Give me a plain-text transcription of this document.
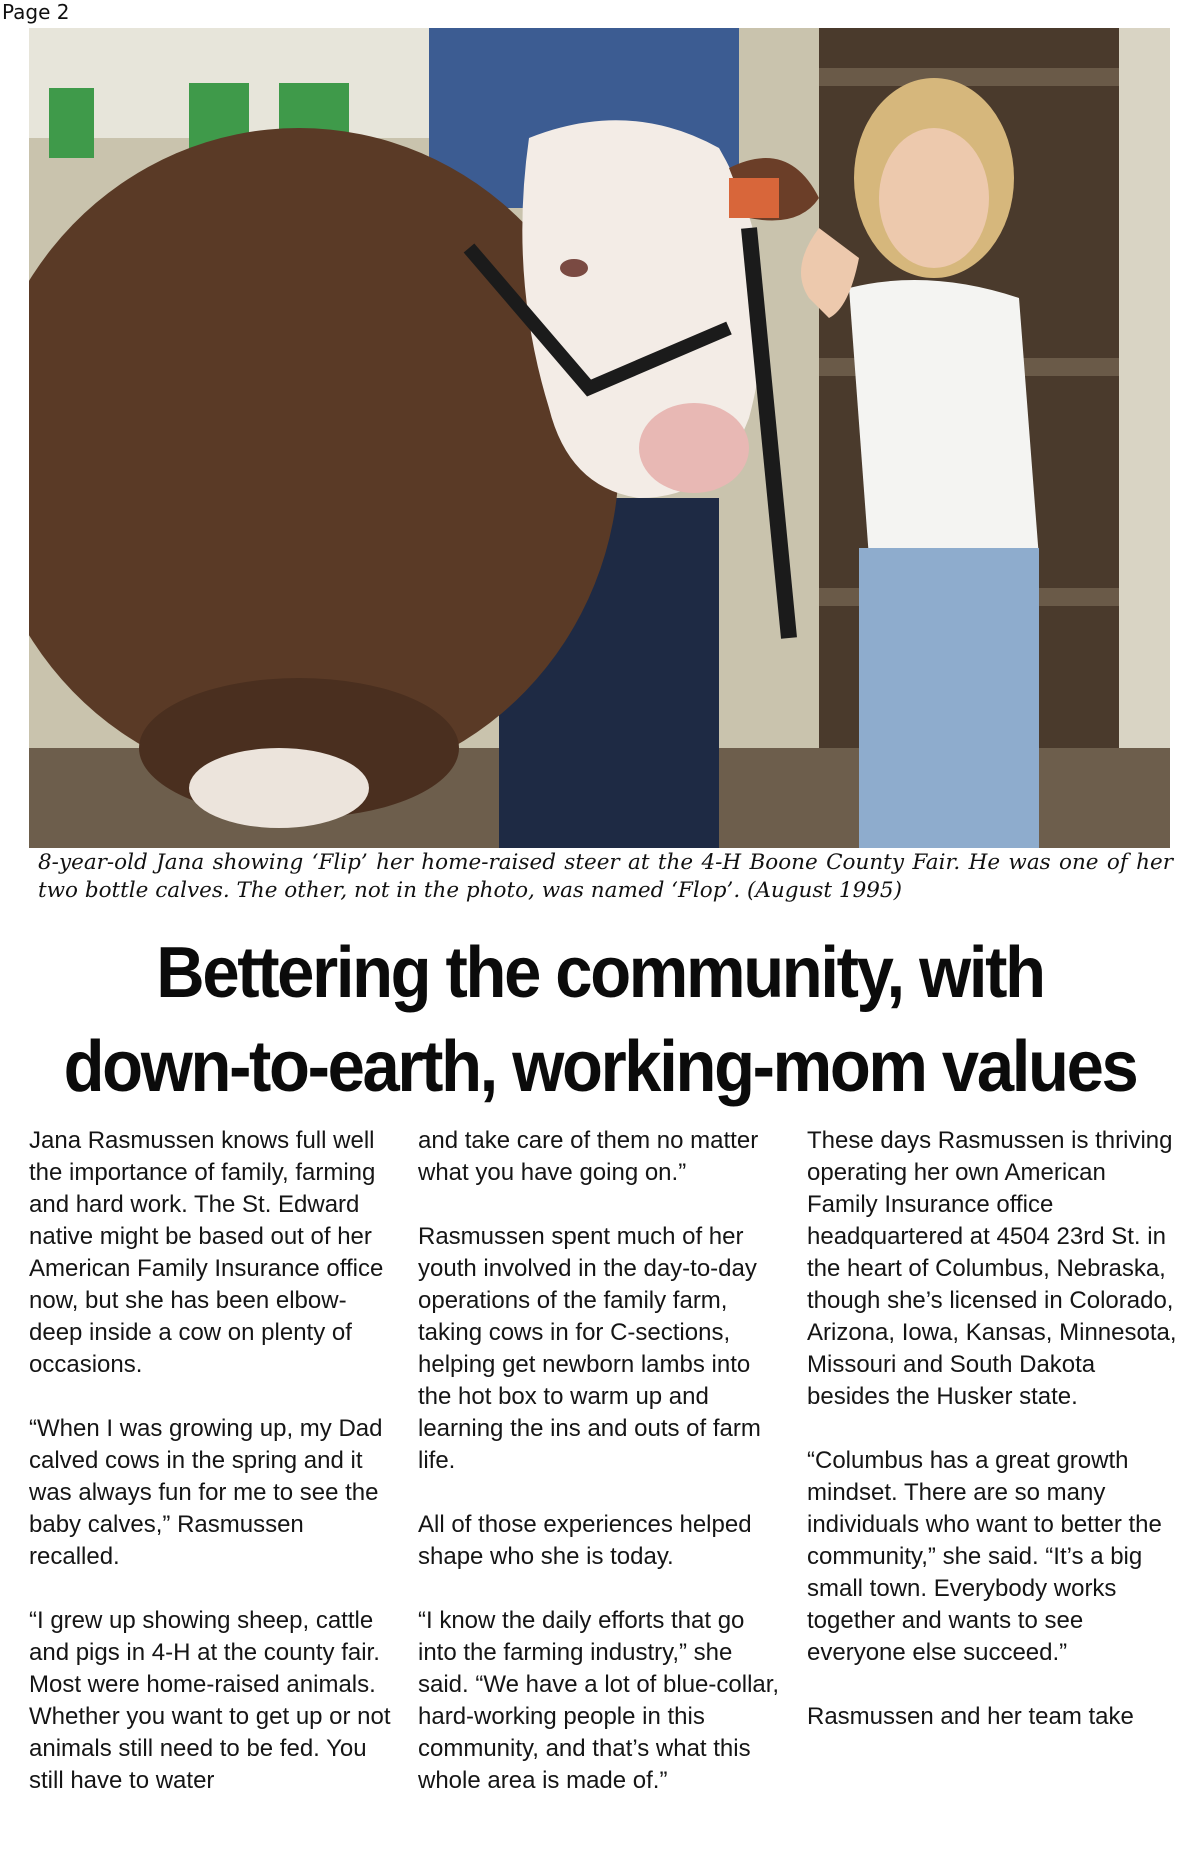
Page 2
8-year-old Jana showing ‘Flip’ her home-raised steer at the 4-H Boone County Fair. He was one of her two bottle calves. The other, not in the photo, was named ‘Flop’. (August 1995)
Bettering the community, with
down-to-earth, working-mom values

Jana Rasmussen knows full well the importance of family, farming and hard work. The St. Edward native might be based out of her American Family Insurance office now, but she has been elbow-deep inside a cow on plenty of occasions.

“When I was growing up, my Dad calved cows in the spring and it was always fun for me to see the baby calves,” Rasmussen recalled.

“I grew up showing sheep, cattle and pigs in 4-H at the county fair. Most were home-raised animals. Whether you want to get up or not animals still need to be fed. You still have to water

and take care of them no matter what you have going on.”

Rasmussen spent much of her youth involved in the day-to-day operations of the family farm, taking cows in for C-sections, helping get newborn lambs into the hot box to warm up and learning the ins and outs of farm life.

All of those experiences helped shape who she is today.

“I know the daily efforts that go into the farming industry,” she said. “We have a lot of blue-collar, hard-working people in this community, and that’s what this whole area is made of.”

These days Rasmussen is thriving operating her own American Family Insurance office headquartered at 4504 23rd St. in the heart of Columbus, Nebraska, though she’s licensed in Colorado, Arizona, Iowa, Kansas, Minnesota, Missouri and South Dakota besides the Husker state.

“Columbus has a great growth mindset. There are so many individuals who want to better the community,” she said. “It’s a big small town. Everybody works together and wants to see everyone else succeed.”

Rasmussen and her team take
